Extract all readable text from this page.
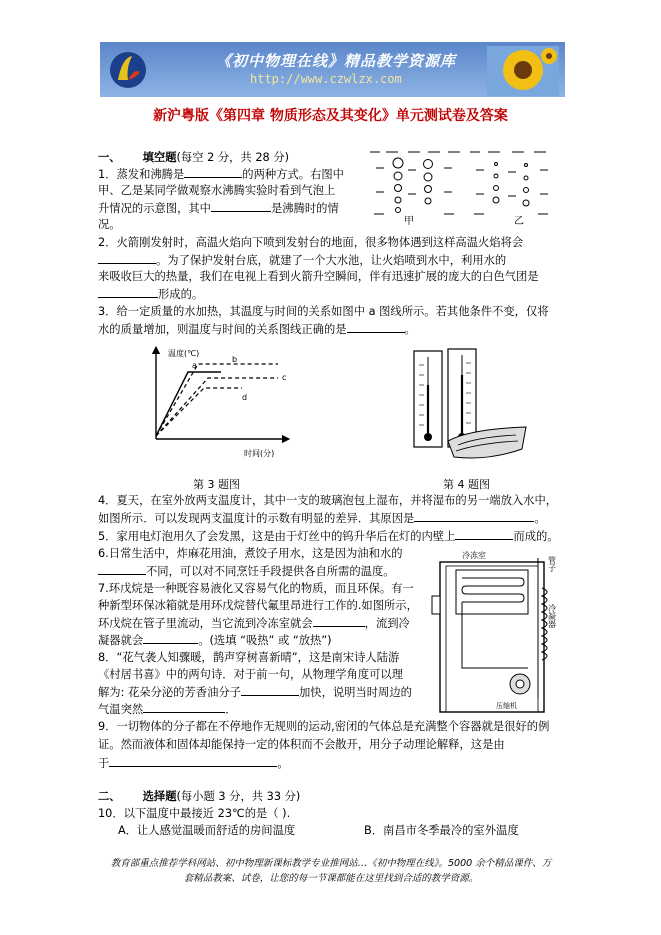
《初中物理在线》精品教学资源库
http://www.czwlzx.com
新沪粤版《第四章 物质形态及其变化》单元测试卷及答案
一、 填空题(每空 2 分，共 28 分)
1．蒸发和沸腾是	的两种方式。右图中
甲、乙是某同学做观察水沸腾实验时看到气泡上
升情况的示意图，其中	是沸腾时的情
况。	甲	乙
2．火箭刚发射时，高温火焰向下喷到发射台的地面，很多物体遇到这样高温火焰将会
。为了保护发射台底，就建了一个大水池，让火焰喷到水中，利用水的
来吸收巨大的热量，我们在电视上看到火箭升空瞬间，伴有迅速扩展的庞大的白色气团是
形成的。
3．给一定质量的水加热，其温度与时间的关系如图中 a 图线所示。若其他条件不变，仅将
水的质量增加，则温度与时间的关系图线正确的是	。
温度(℃)
时间(分)
a
b
c
d
第 3 题图	第 4 题图
4．夏天，在室外放两支温度计，其中一支的玻璃泡包上湿布，并将湿布的另一端放入水中，
如图所示．可以发现两支温度计的示数有明显的差异．其原因是	。
5．家用电灯泡用久了会发黑，这是由于灯丝中的钨升华后在灯的内壁上	而成的。
6.日常生活中，炸麻花用油，煮饺子用水，这是因为油和水的
不同，可以对不同烹饪手段提供各自所需的温度。
7.环戊烷是一种既容易液化又容易气化的物质，而且环保。有一
种新型环保冰箱就是用环戊烷替代氟里昂进行工作的.如图所示，
环戊烷在管子里流动，当它流到冷冻室就会	，流到冷
凝器就会	。(选填 “吸热” 或 “放热”)
冷冻室
冷凝器
管子
压缩机
8．“花气袭人知骤暖，鹊声穿树喜新晴”，这是南宋诗人陆游
《村居书喜》中的两句诗．对于前一句，从物理学角度可以理
解为: 花朵分泌的芳香油分子	加快，说明当时周边的
气温突然	．
9．一切物体的分子都在不停地作无规则的运动,密闭的气体总是充满整个容器就是很好的例
证。然而液体和固体却能保持一定的体积而不会散开，用分子动理论解释，这是由
于	。
二、 选择题(每小题 3 分，共 33 分)
10．以下温度中最接近 23℃的是（ ).
A．让人感觉温暖而舒适的房间温度	B．南昌市冬季最冷的室外温度
教育部重点推荐学科网站、初中物理新课标教学专业推网站…《初中物理在线》。5000 余个精品课件、万
套精品教案、试卷，让您的每一节课都能在这里找到合适的教学资源。
